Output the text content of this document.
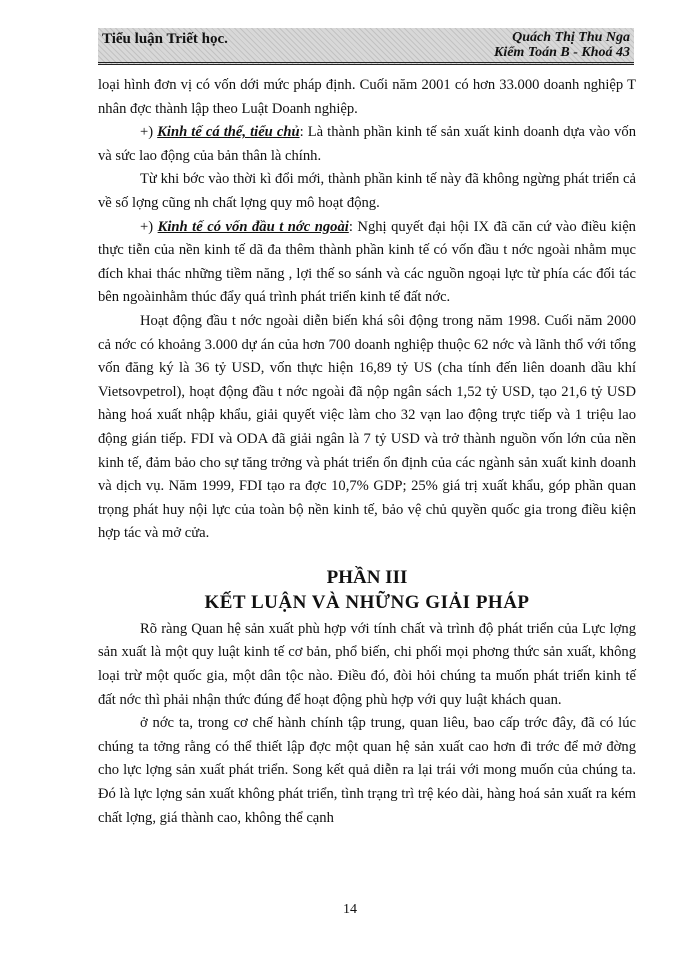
Tiểu luận Triết học.	Quách Thị Thu Nga
Kiểm Toán B - Khoá 43

loại hình đơn vị có vốn dới mức pháp định. Cuối năm 2001 có hơn 33.000 doanh nghiệp T nhân đợc thành lập theo Luật Doanh nghiệp.

+) Kinh tế cá thể, tiểu chủ: Là thành phần kinh tế sản xuất kinh doanh dựa vào vốn và sức lao động của bản thân là chính.

Từ khi bớc vào thời kì đổi mới, thành phần kinh tế này đã không ngừng phát triển cả về số lợng cũng nh chất lợng quy mô hoạt động.

+) Kinh tế có vốn đầu t nớc ngoài: Nghị quyết đại hội IX đã căn cứ vào điều kiện thực tiễn của nền kinh tế dã đa thêm thành phần kinh tế có vốn đầu t nớc ngoài nhằm mục đích khai thác những tiềm năng , lợi thế so sánh và các nguồn ngoại lực từ phía các đối tác bên ngoàinhằm thúc đẩy quá trình phát triển kinh tế đất nớc.

Hoạt động đầu t nớc ngoài diễn biến khá sôi động trong năm 1998. Cuối năm 2000 cả nớc có khoảng 3.000 dự án của hơn 700 doanh nghiệp thuộc 62 nớc và lãnh thổ với tổng vốn đăng ký là 36 tỷ USD, vốn thực hiện 16,89 tỷ US (cha tính đến liên doanh dầu khí Vietsovpetrol), hoạt động đầu t nớc ngoài đã nộp ngân sách 1,52 tỷ USD, tạo 21,6 tỷ USD hàng hoá xuất nhập khẩu, giải quyết việc làm cho 32 vạn lao động trực tiếp và 1 triệu lao động gián tiếp. FDI và ODA đã giải ngân là 7 tỷ USD và trở thành nguồn vốn lớn của nền kinh tế, đảm bảo cho sự tăng trởng và phát triển ổn định của các ngành sản xuất kinh doanh và dịch vụ. Năm 1999, FDI tạo ra đợc 10,7% GDP; 25% giá trị xuất khẩu, góp phần quan trọng phát huy nội lực của toàn bộ nền kinh tế, bảo vệ chủ quyền quốc gia trong điều kiện hợp tác và mở cửa.

PHẦN III
KẾT LUẬN VÀ NHỮNG GIẢI PHÁP

Rõ ràng Quan hệ sản xuất phù hợp với tính chất và trình độ phát triển của Lực lợng sản xuất là một quy luật kinh tế cơ bản, phổ biến, chi phối mọi phơng thức sản xuất, không loại trừ một quốc gia, một dân tộc nào. Điều đó, đòi hỏi chúng ta muốn phát triển kinh tế đất nớc thì phải nhận thức đúng để hoạt động phù hợp với quy luật khách quan.

ở nớc ta, trong cơ chế hành chính tập trung, quan liêu, bao cấp trớc đây, đã có lúc chúng ta tởng rằng có thể thiết lập đợc một quan hệ sản xuất cao hơn đi trớc để mở đờng cho lực lợng sản xuất phát triển. Song kết quả diễn ra lại trái với mong muốn của chúng ta. Đó là lực lợng sản xuất không phát triển, tình trạng trì trệ kéo dài, hàng hoá sản xuất ra kém chất lợng, giá thành cao, không thể cạnh

14
